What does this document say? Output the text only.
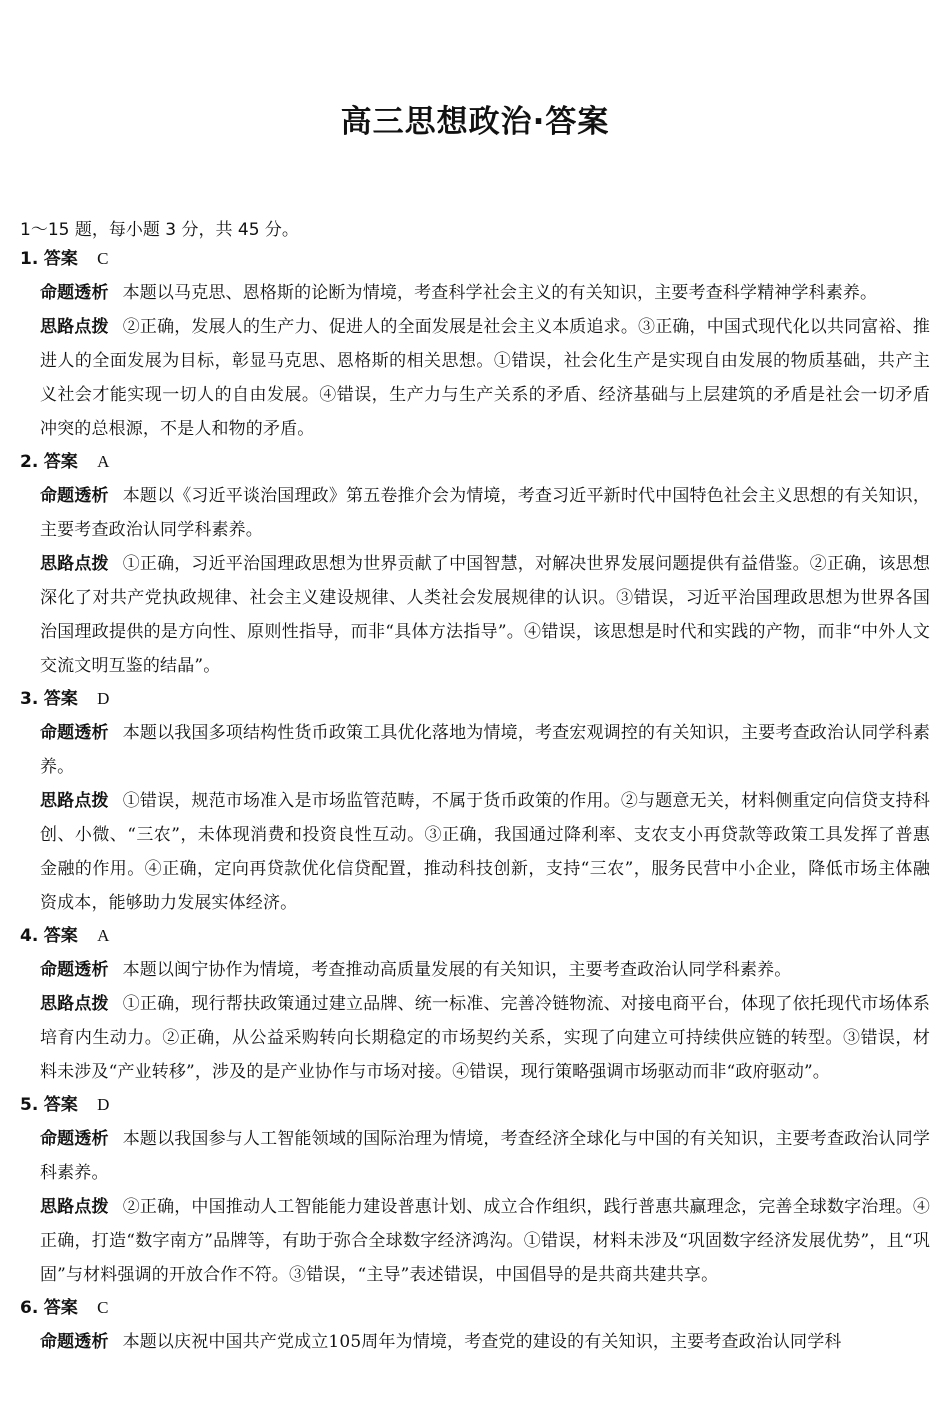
高三思想政治·答案
1～15 题，每小题 3 分，共 45 分。
1. 答案 C
命题透析 本题以马克思、恩格斯的论断为情境，考查科学社会主义的有关知识，主要考查科学精神学科素养。
思路点拨 ②正确，发展人的生产力、促进人的全面发展是社会主义本质追求。③正确，中国式现代化以共同富裕、推进人的全面发展为目标，彰显马克思、恩格斯的相关思想。①错误，社会化生产是实现自由发展的物质基础，共产主义社会才能实现一切人的自由发展。④错误，生产力与生产关系的矛盾、经济基础与上层建筑的矛盾是社会一切矛盾冲突的总根源，不是人和物的矛盾。
2. 答案 A
命题透析 本题以《习近平谈治国理政》第五卷推介会为情境，考查习近平新时代中国特色社会主义思想的有关知识，主要考查政治认同学科素养。
思路点拨 ①正确，习近平治国理政思想为世界贡献了中国智慧，对解决世界发展问题提供有益借鉴。②正确，该思想深化了对共产党执政规律、社会主义建设规律、人类社会发展规律的认识。③错误，习近平治国理政思想为世界各国治国理政提供的是方向性、原则性指导，而非“具体方法指导”。④错误，该思想是时代和实践的产物，而非“中外人文交流文明互鉴的结晶”。
3. 答案 D
命题透析 本题以我国多项结构性货币政策工具优化落地为情境，考查宏观调控的有关知识，主要考查政治认同学科素养。
思路点拨 ①错误，规范市场准入是市场监管范畴，不属于货币政策的作用。②与题意无关，材料侧重定向信贷支持科创、小微、“三农”，未体现消费和投资良性互动。③正确，我国通过降利率、支农支小再贷款等政策工具发挥了普惠金融的作用。④正确，定向再贷款优化信贷配置，推动科技创新，支持“三农”，服务民营中小企业，降低市场主体融资成本，能够助力发展实体经济。
4. 答案 A
命题透析 本题以闽宁协作为情境，考查推动高质量发展的有关知识，主要考查政治认同学科素养。
思路点拨 ①正确，现行帮扶政策通过建立品牌、统一标准、完善冷链物流、对接电商平台，体现了依托现代市场体系培育内生动力。②正确，从公益采购转向长期稳定的市场契约关系，实现了向建立可持续供应链的转型。③错误，材料未涉及“产业转移”，涉及的是产业协作与市场对接。④错误，现行策略强调市场驱动而非“政府驱动”。
5. 答案 D
命题透析 本题以我国参与人工智能领域的国际治理为情境，考查经济全球化与中国的有关知识，主要考查政治认同学科素养。
思路点拨 ②正确，中国推动人工智能能力建设普惠计划、成立合作组织，践行普惠共赢理念，完善全球数字治理。④正确，打造“数字南方”品牌等，有助于弥合全球数字经济鸿沟。①错误，材料未涉及“巩固数字经济发展优势”，且“巩固”与材料强调的开放合作不符。③错误，“主导”表述错误，中国倡导的是共商共建共享。
6. 答案 C
命题透析 本题以庆祝中国共产党成立105周年为情境，考查党的建设的有关知识，主要考查政治认同学科
